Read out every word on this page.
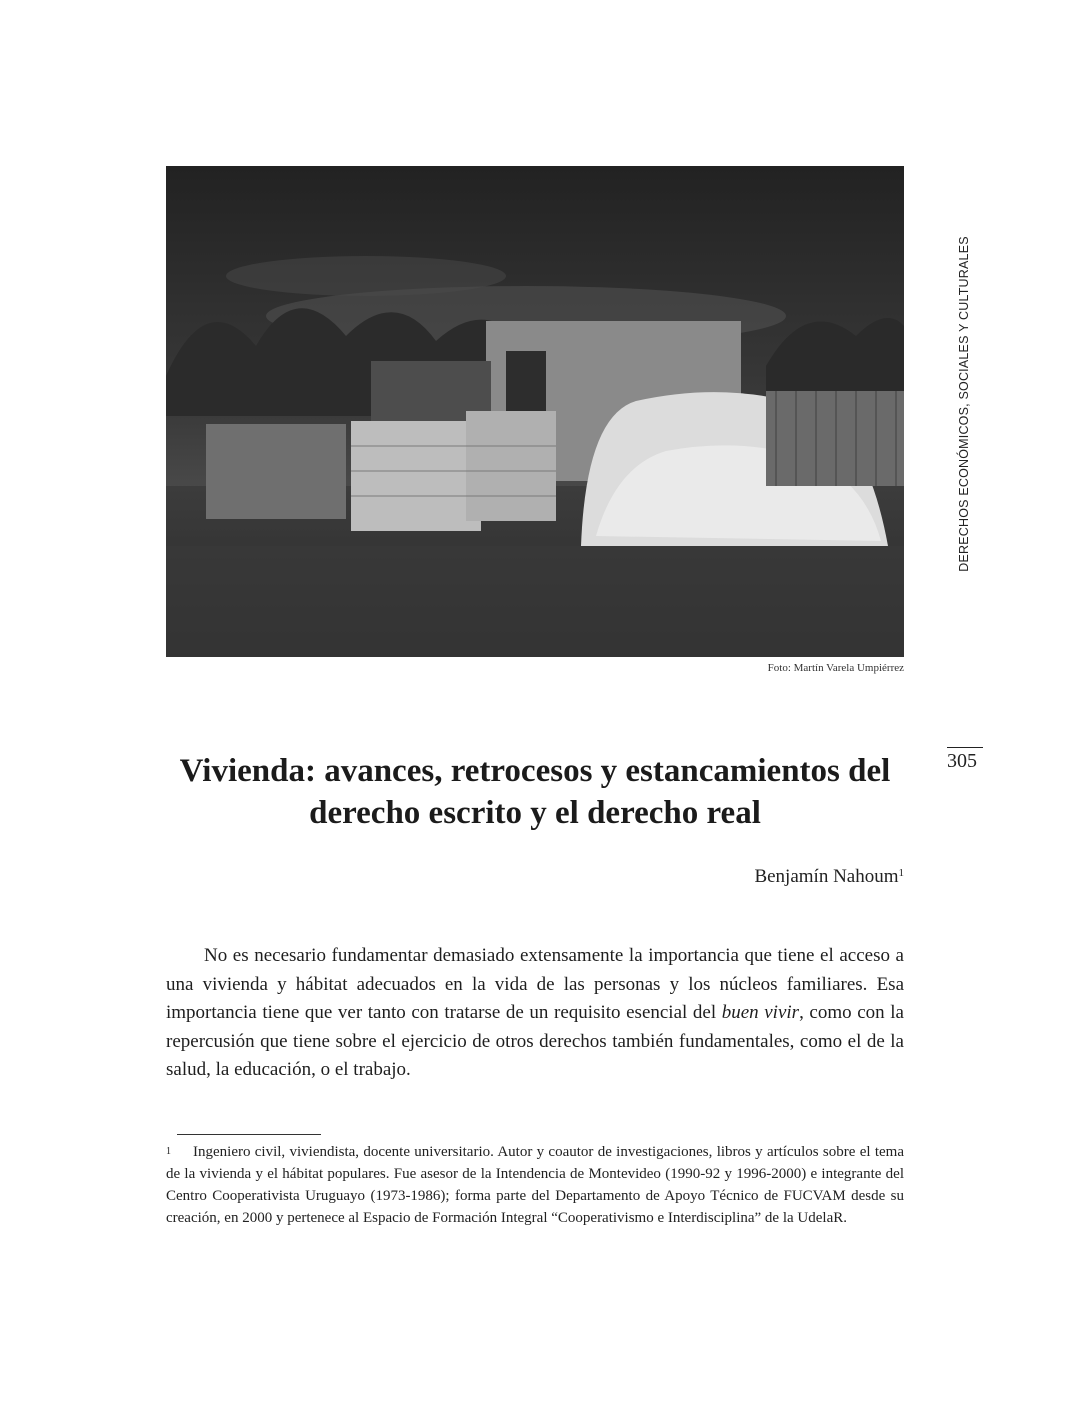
Foto: Martín Varela Umpiérrez
DERECHOS ECONÓMICOS, SOCIALES Y CULTURALES
305
Vivienda: avances, retrocesos y estancamientos del
derecho escrito y el derecho real
Benjamín Nahoum$^1$

No es necesario fundamentar demasiado extensamente la importancia que tiene el acceso a una vivienda y hábitat adecuados en la vida de las personas y los núcleos familiares. Esa importancia tiene que ver tanto con tratarse de un requisito esencial del buen vivir, como con la repercusión que tiene sobre el ejercicio de otros derechos también fundamentales, como el de la salud, la educación, o el trabajo.

$^1$ Ingeniero civil, viviendista, docente universitario. Autor y coautor de investigaciones, libros y artículos sobre el tema de la vivienda y el hábitat populares. Fue asesor de la Intendencia de Montevideo (1990-92 y 1996-2000) e integrante del Centro Cooperativista Uruguayo (1973-1986); forma parte del Departamento de Apoyo Técnico de FUCVAM desde su creación, en 2000 y pertenece al Espacio de Formación Integral “Cooperativismo e Interdisciplina” de la UdelaR.
